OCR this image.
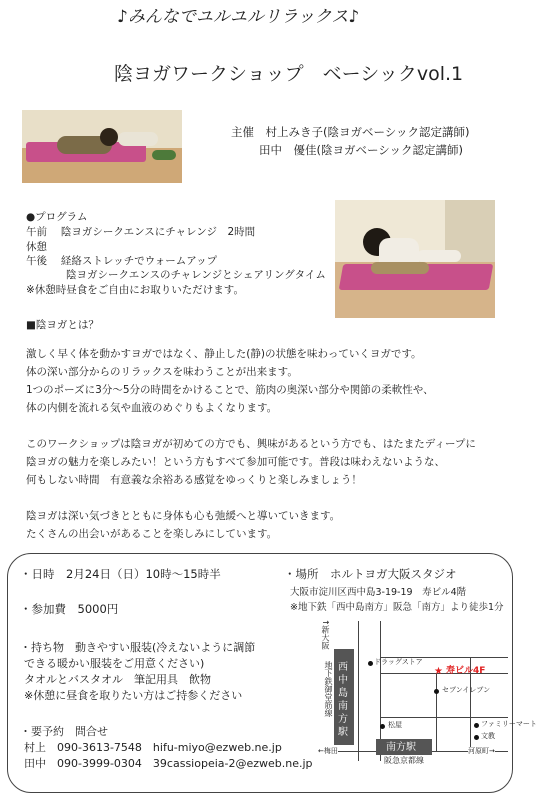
♪みんなでユルユルリラックス♪
陰ヨガワークショップ　ベーシックvol.1
主催　村上みき子(陰ヨガベーシック認定講師)
田中　優佳(陰ヨガベーシック認定講師)
●プログラム
午前　 陰ヨガシークエンスにチャレンジ　2時間
休憩
午後　 経絡ストレッチでウォームアップ
陰ヨガシークエンスのチャレンジとシェアリングタイム
※休憩時昼食をご自由にお取りいただけます。
■陰ヨガとは？
激しく早く体を動かすヨガではなく、静止した(静)の状態を味わっていくヨガです。
体の深い部分からのリラックスを味わうことが出来ます。
1つのポーズに3分～5分の時間をかけることで、筋肉の奥深い部分や関節の柔軟性や、
体の内側を流れる気や血液のめぐりもよくなります。
このワークショップは陰ヨガが初めての方でも、興味があるという方でも、はたまたディープに
陰ヨガの魅力を楽しみたい！という方もすべて参加可能です。普段は味わえないような、
何もしない時間　有意義な余裕ある感覚をゆっくりと楽しみましょう！
陰ヨガは深い気づきとともに身体も心も弛緩へと導いていきます。
たくさんの出会いがあることを楽しみにしています。
・日時　2月24日（日）10時～15時半
・参加費　5000円
・持ち物　動きやすい服装(冷えないように調節
できる暖かい服装をご用意ください)
タオルとバスタオル　筆記用具　飲物
※休憩に昼食を取りたい方はご持参ください
・要予約　問合せ
村上　090-3613-7548　hifu-miyo@ezweb.ne.jp
田中　090-3999-0304　39cassiopeia-2@ezweb.ne.jp
・場所　ホルトヨガ大阪スタジオ
大阪市淀川区西中島3-19-19　寿ビル4階
※地下鉄「西中島南方」阪急「南方」より徒歩1分
西中島南方駅
↑新大阪
地下鉄御堂筋線	ドラッグストア
★ 寿ビル4F
セブンイレブン
松屋	ファミリーマート
文教
南方駅
←梅田	河原町→
阪急京都線
